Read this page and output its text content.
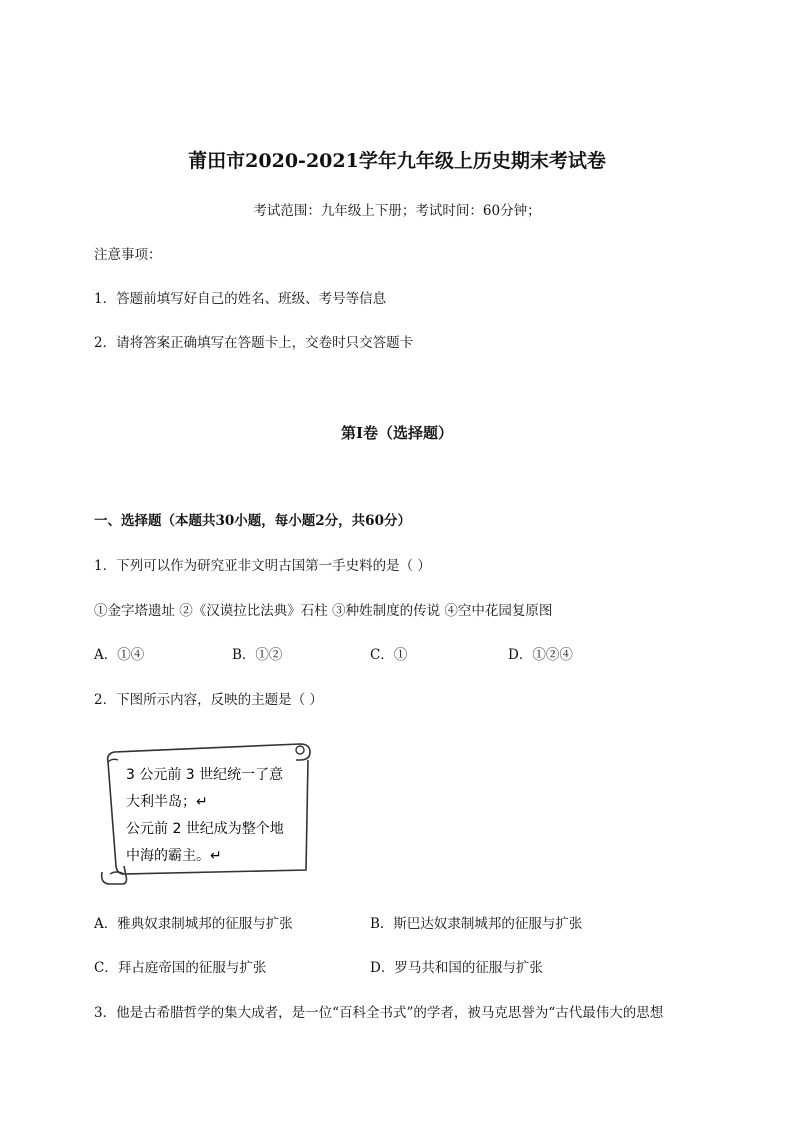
莆田市2020-2021学年九年级上历史期末考试卷
考试范围：九年级上下册；考试时间：60分钟；
注意事项：
1．答题前填写好自己的姓名、班级、考号等信息
2．请将答案正确填写在答题卡上，交卷时只交答题卡
第I卷（选择题）
一、选择题（本题共30小题，每小题2分，共60分）
1．下列可以作为研究亚非文明古国第一手史料的是（ ）
①金字塔遗址 ②《汉谟拉比法典》石柱 ③种姓制度的传说 ④空中花园复原图
A．①④	B．①②	C．①	D．①②④
2．下图所示内容，反映的主题是（ ）
3 公元前 3 世纪统一了意
大利半岛；↵
公元前 2 世纪成为整个地
中海的霸主。↵
A．雅典奴隶制城邦的征服与扩张	B．斯巴达奴隶制城邦的征服与扩张
C．拜占庭帝国的征服与扩张	D．罗马共和国的征服与扩张
3．他是古希腊哲学的集大成者，是一位“百科全书式”的学者，被马克思誉为“古代最伟大的思想
